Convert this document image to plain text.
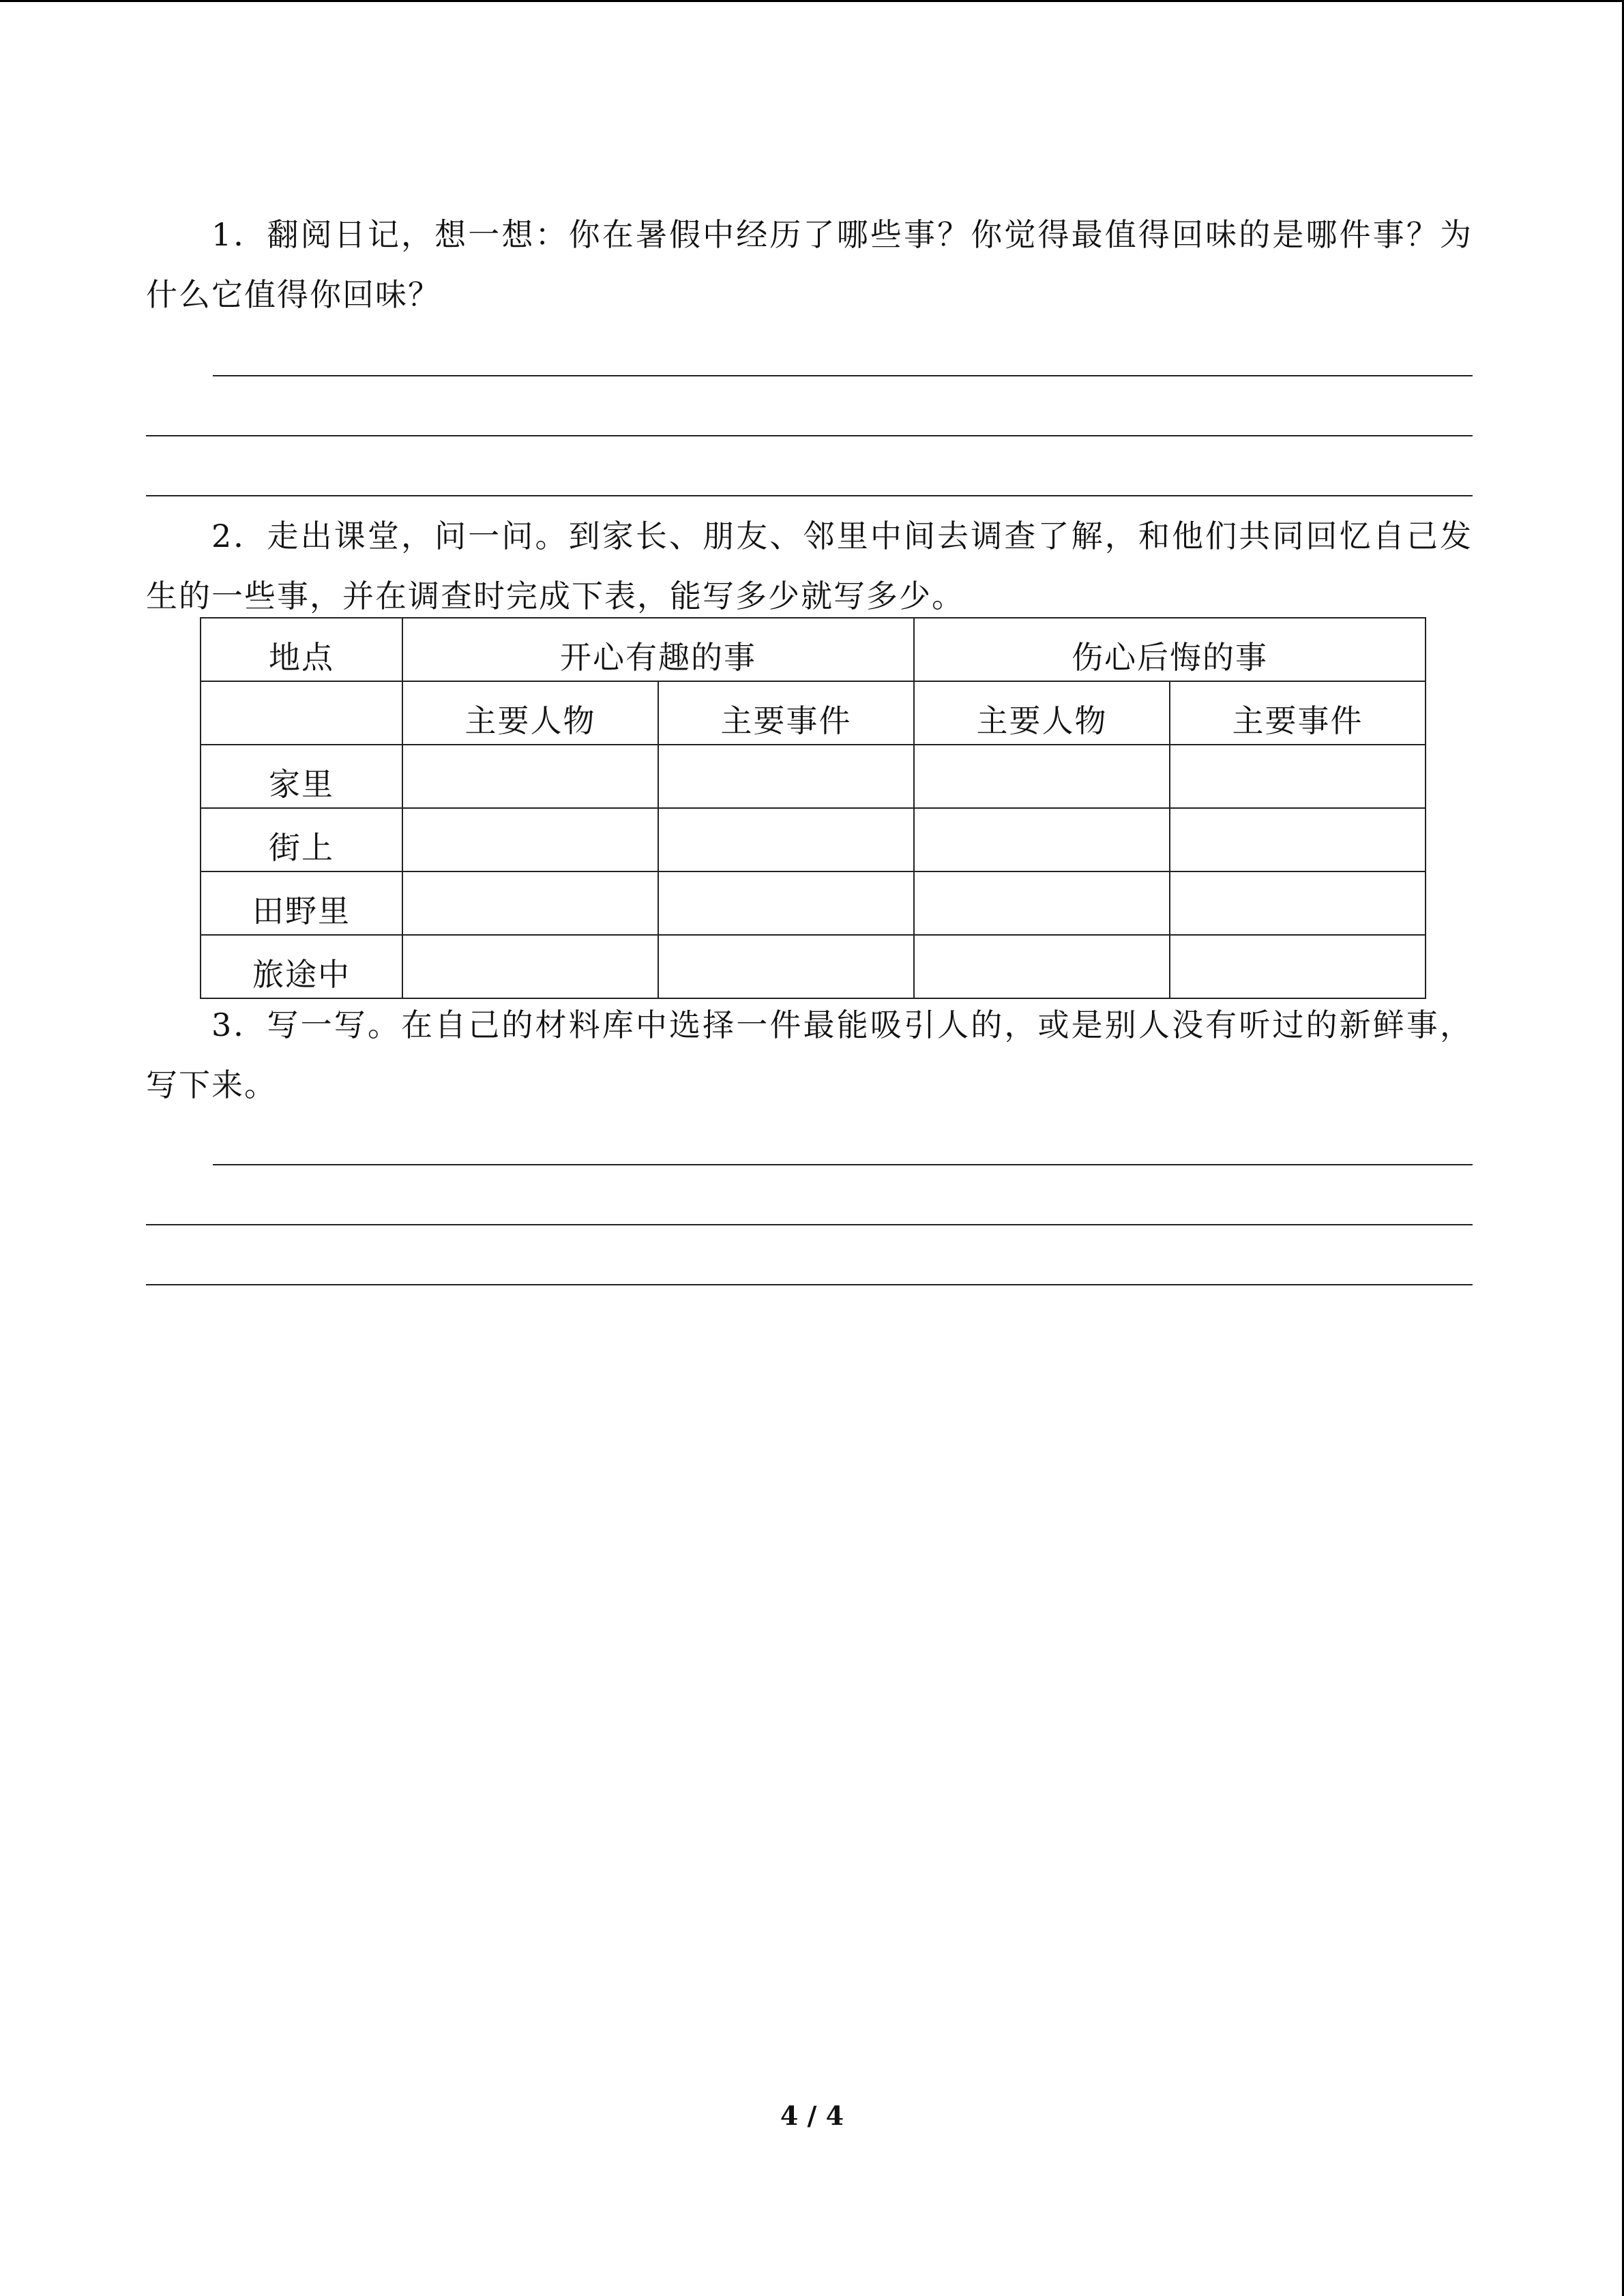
1．翻阅日记，想一想：你在暑假中经历了哪些事？你觉得最值得回味的是哪件事？为什么它值得你回味？

2．走出课堂，问一问。到家长、朋友、邻里中间去调查了解，和他们共同回忆自己发生的一些事，并在调查时完成下表，能写多少就写多少。

地点	开心有趣的事		伤心后悔的事	
	主要人物	主要事件	主要人物	主要事件
家里				
街上				
田野里				
旅途中				

3．写一写。在自己的材料库中选择一件最能吸引人的，或是别人没有听过的新鲜事，写下来。

4 / 4
